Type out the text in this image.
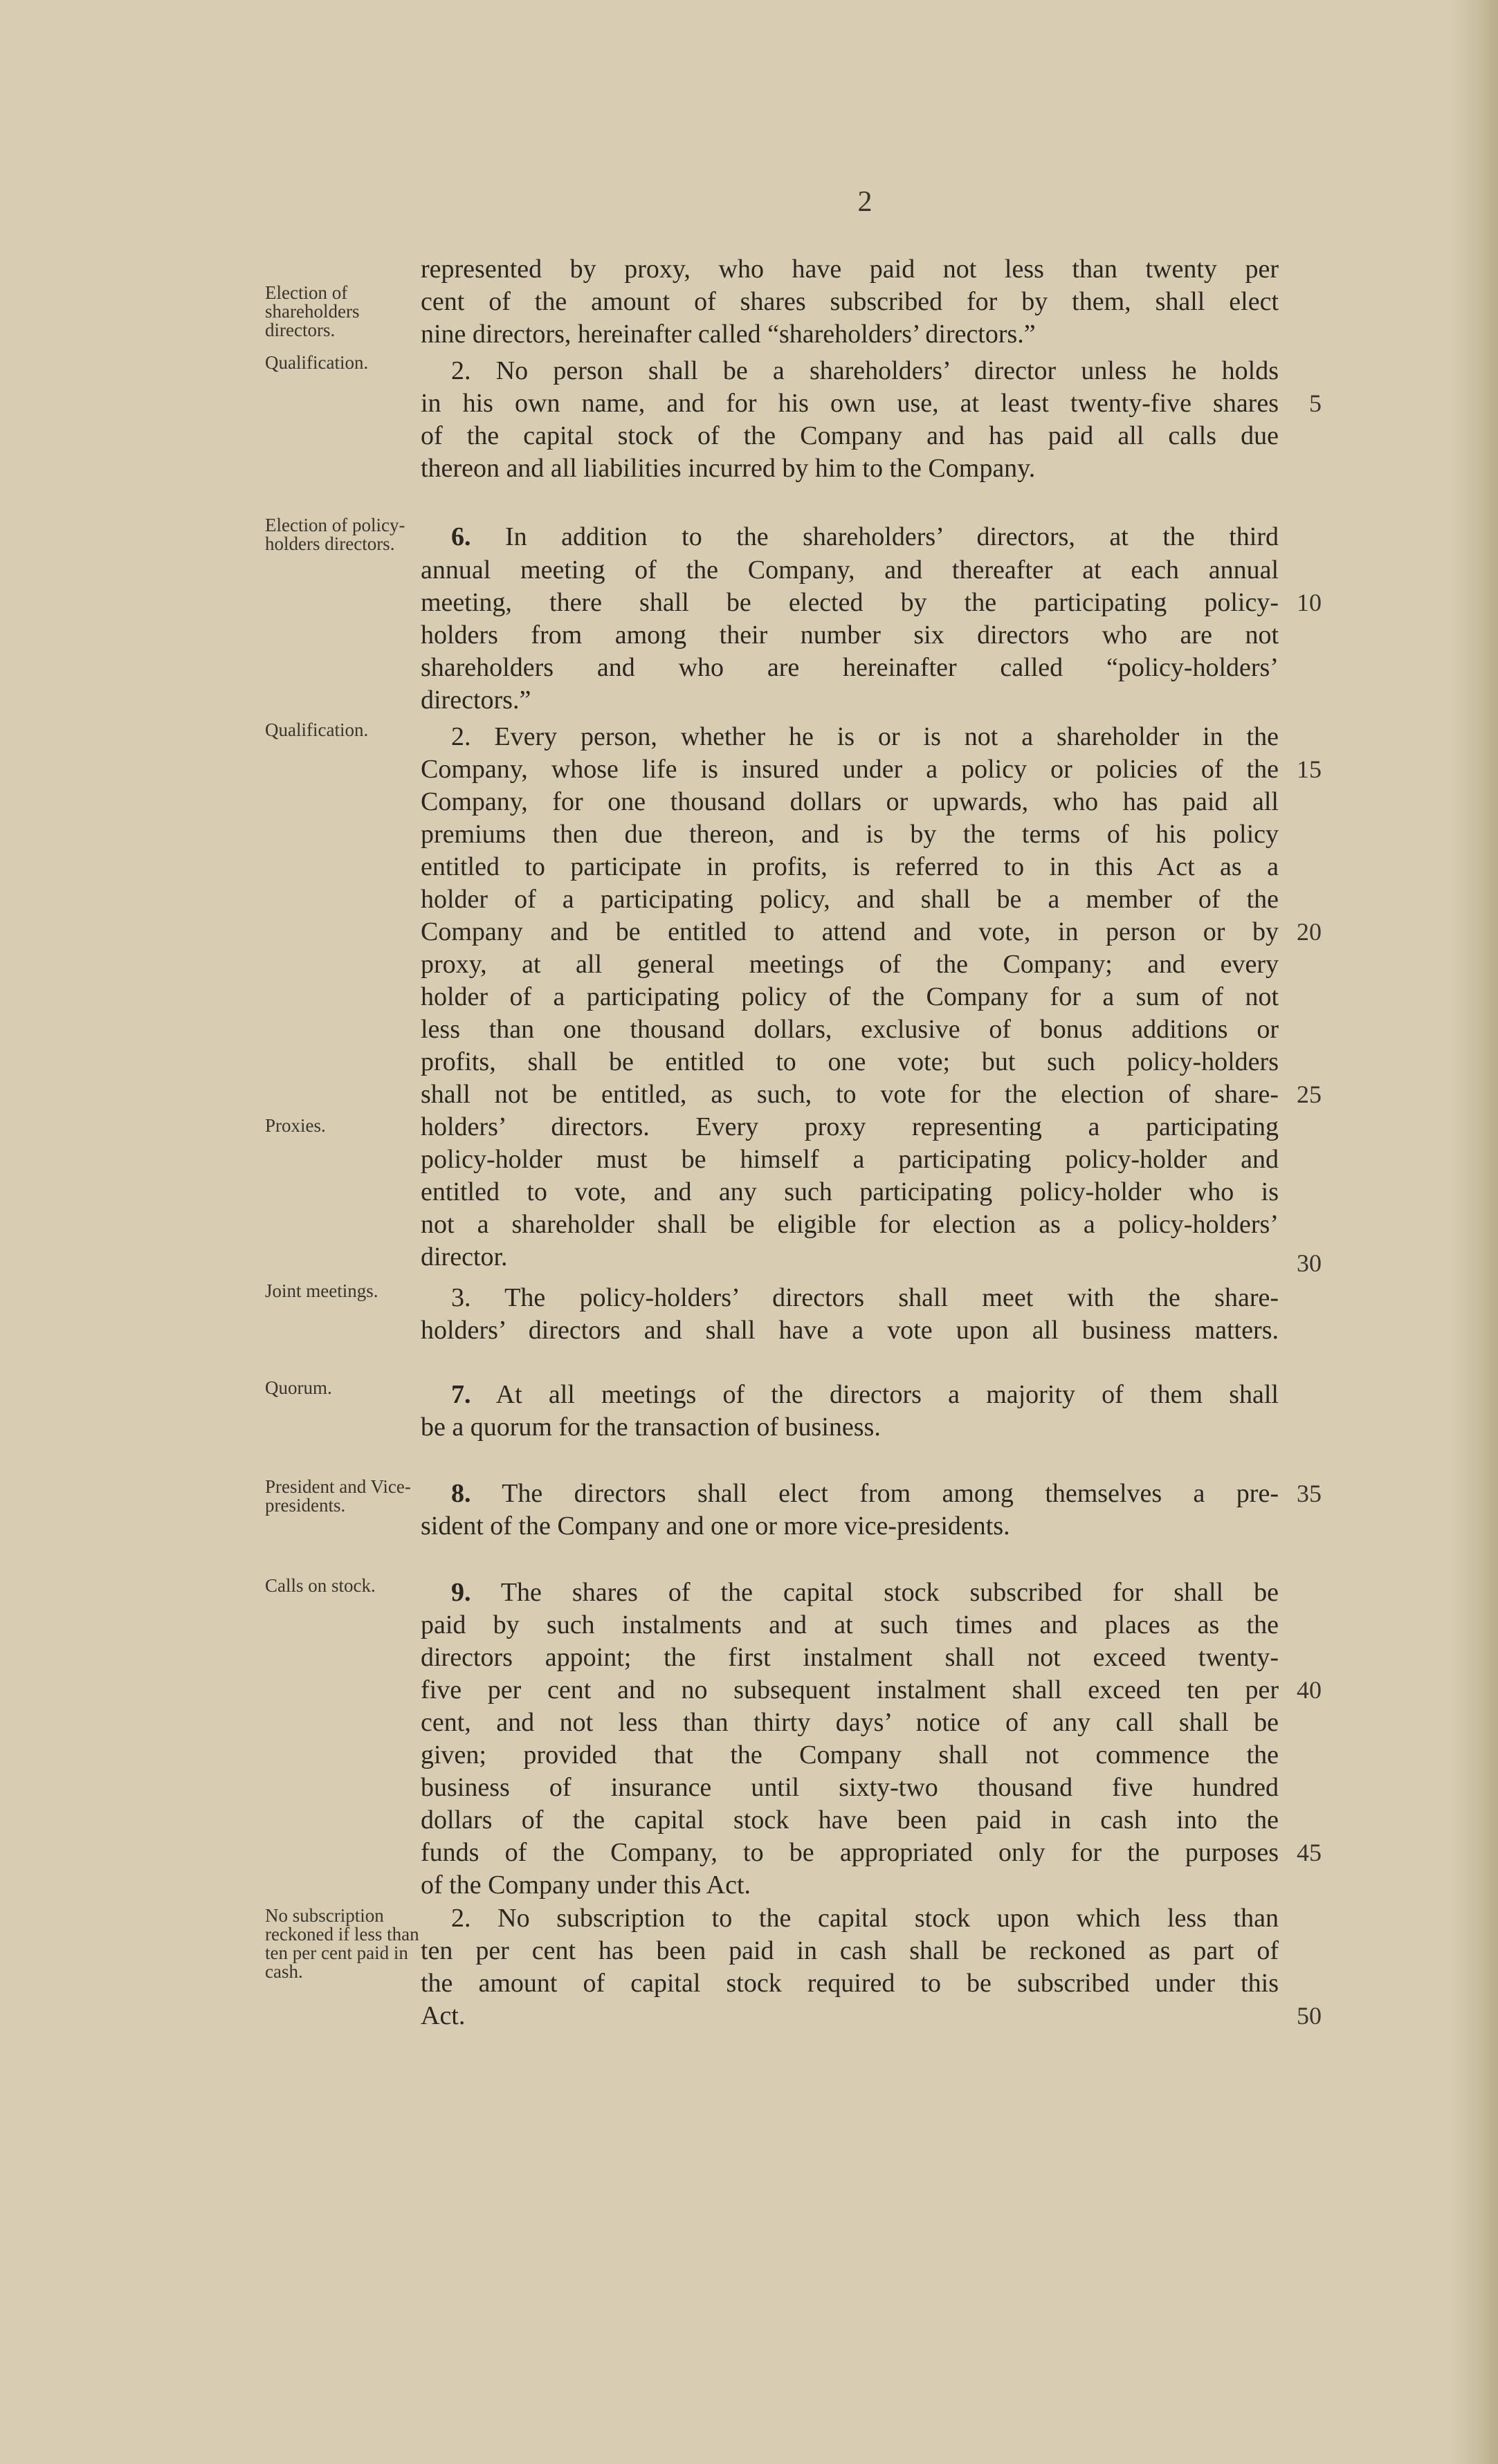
2
Election of shareholders directors.
Qualification.
Election of policy-holders directors.
Qualification.
Proxies.
Joint meetings.
Quorum.
President and Vice-presidents.
Calls on stock.
No subscription reckoned if less than ten per cent paid in cash.
represented by proxy, who have paid not less than twenty per
cent of the amount of shares subscribed for by them, shall elect
nine directors, hereinafter called “shareholders’ directors.”
2. No person shall be a shareholders’ director unless he holds
in his own name, and for his own use, at least twenty-five shares
of the capital stock of the Company and has paid all calls due
thereon and all liabilities incurred by him to the Company.
6. In addition to the shareholders’ directors, at the third
annual meeting of the Company, and thereafter at each annual
meeting, there shall be elected by the participating policy-
holders from among their number six directors who are not
shareholders and who are hereinafter called “policy-holders’
directors.”
2. Every person, whether he is or is not a shareholder in the
Company, whose life is insured under a policy or policies of the
Company, for one thousand dollars or upwards, who has paid all
premiums then due thereon, and is by the terms of his policy
entitled to participate in profits, is referred to in this Act as a
holder of a participating policy, and shall be a member of the
Company and be entitled to attend and vote, in person or by
proxy, at all general meetings of the Company; and every
holder of a participating policy of the Company for a sum of not
less than one thousand dollars, exclusive of bonus additions or
profits, shall be entitled to one vote; but such policy-holders
shall not be entitled, as such, to vote for the election of share-
holders’ directors. Every proxy representing a participating
policy-holder must be himself a participating policy-holder and
entitled to vote, and any such participating policy-holder who is
not a shareholder shall be eligible for election as a policy-holders’
director.
3. The policy-holders’ directors shall meet with the share-
holders’ directors and shall have a vote upon all business matters.
7. At all meetings of the directors a majority of them shall
be a quorum for the transaction of business.
8. The directors shall elect from among themselves a pre-
sident of the Company and one or more vice-presidents.
9. The shares of the capital stock subscribed for shall be
paid by such instalments and at such times and places as the
directors appoint; the first instalment shall not exceed twenty-
five per cent and no subsequent instalment shall exceed ten per
cent, and not less than thirty days’ notice of any call shall be
given; provided that the Company shall not commence the
business of insurance until sixty-two thousand five hundred
dollars of the capital stock have been paid in cash into the
funds of the Company, to be appropriated only for the purposes
of the Company under this Act.
2. No subscription to the capital stock upon which less than
ten per cent has been paid in cash shall be reckoned as part of
the amount of capital stock required to be subscribed under this
Act.
5
10
15
20
25
30
35
40
45
50
